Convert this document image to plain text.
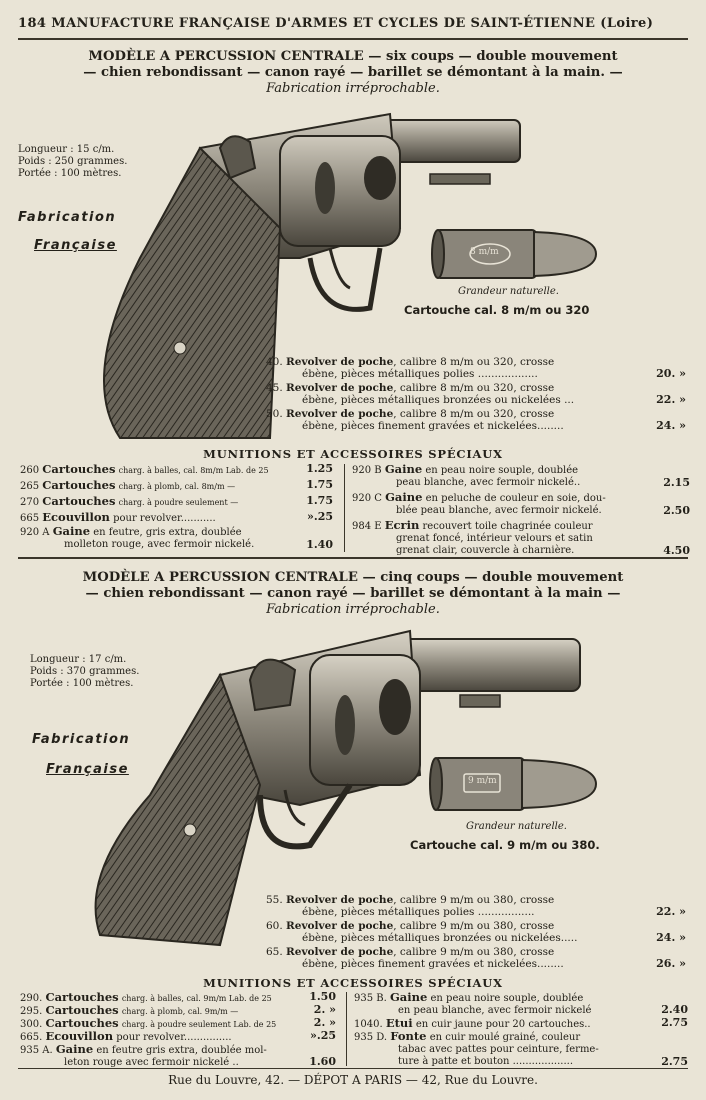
184 MANUFACTURE FRANÇAISE D'ARMES ET CYCLES DE SAINT-ÉTIENNE (Loire)
MODÈLE A PERCUSSION CENTRALE — six coups — double mouvement
— chien rebondissant — canon rayé — barillet se démontant à la main. —
Fabrication irréprochable.
Longueur : 15 c/m.
Poids : 250 grammes.
Portée : 100 mètres.
Fabrication
Française	8 m/m
Grandeur naturelle.
Cartouche cal. 8 m/m ou 320
40. Revolver de poche, calibre 8 m/m ou 320, crosse
ébène, pièces métalliques polies ..................	20. »
45. Revolver de poche, calibre 8 m/m ou 320, crosse
ébène, pièces métalliques bronzées ou nickelées ...	22. »
50. Revolver de poche, calibre 8 m/m ou 320, crosse
ébène, pièces finement gravées et nickelées........	24. »
MUNITIONS ET ACCESSOIRES SPÉCIAUX
260 Cartouches charg. à balles, cal. 8m/m Lab. de 25	1.25
265 Cartouches charg. à plomb, cal. 8m/m —	1.75
270 Cartouches charg. à poudre seulement —	1.75
665 Ecouvillon pour revolver...........	».25
920 A Gaine en feutre, gris extra, doublée
molleton rouge, avec fermoir nickelé.	1.40
920 B Gaine en peau noire souple, doublée
peau blanche, avec fermoir nickelé..	2.15
920 C Gaine en peluche de couleur en soie, dou-
blée peau blanche, avec fermoir nickelé.	2.50
984 E Ecrin recouvert toile chagrinée couleur
grenat foncé, intérieur velours et satin
grenat clair, couvercle à charnière.	4.50
MODÈLE A PERCUSSION CENTRALE — cinq coups — double mouvement
— chien rebondissant — canon rayé — barillet se démontant à la main —
Fabrication irréprochable.
Longueur : 17 c/m.
Poids : 370 grammes.
Portée : 100 mètres.
Fabrication
Française
9 m/m
Grandeur naturelle.
Cartouche cal. 9 m/m ou 380.
55. Revolver de poche, calibre 9 m/m ou 380, crosse
ébène, pièces métalliques polies .................	22. »
60. Revolver de poche, calibre 9 m/m ou 380, crosse
ébène, pièces métalliques bronzées ou nickelées.....	24. »
65. Revolver de poche, calibre 9 m/m ou 380, crosse
ébène, pièces finement gravées et nickelées........	26. »
MUNITIONS ET ACCESSOIRES SPÉCIAUX
290. Cartouches charg. à balles, cal. 9m/m Lab. de 25	1.50
295. Cartouches charg. à plomb, cal. 9m/m —	2. »
300. Cartouches charg. à poudre seulement Lab. de 25	2. »
665. Ecouvillon pour revolver...............	».25
935 A. Gaine en feutre gris extra, doublée mol-
leton rouge avec fermoir nickelé ..	1.60
935 B. Gaine en peau noire souple, doublée
en peau blanche, avec fermoir nickelé	2.40
1040. Etui en cuir jaune pour 20 cartouches..	2.75
935 D. Fonte en cuir moulé grainé, couleur
tabac avec pattes pour ceinture, ferme-
ture à patte et bouton ...................	2.75
Rue du Louvre, 42. — DÉPOT A PARIS — 42, Rue du Louvre.
